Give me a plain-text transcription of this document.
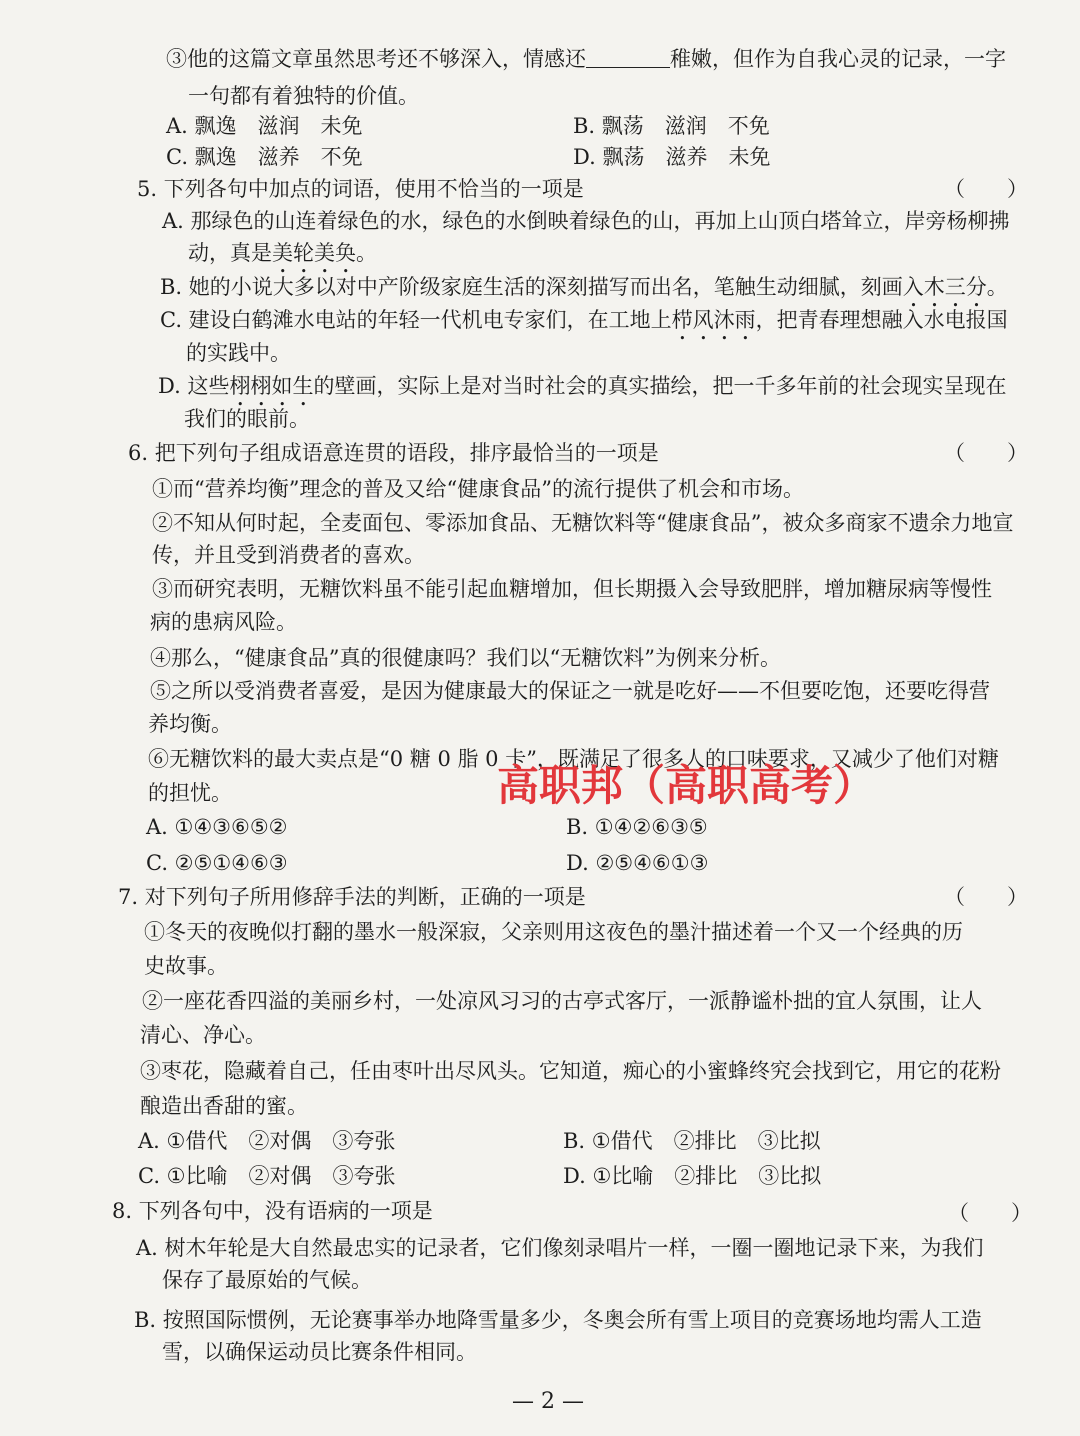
③他的这篇文章虽然思考还不够深入，情感还	稚嫩，但作为自我心灵的记录，一字
一句都有着独特的价值。
A. 飘逸　滋润　未免	B. 飘荡　滋润　不免
C. 飘逸　滋养　不免	D. 飘荡　滋养　未免
5. 下列各句中加点的词语，使用不恰当的一项是	（　　）
A. 那绿色的山连着绿色的水，绿色的水倒映着绿色的山，再加上山顶白塔耸立，岸旁杨柳拂
动，真是美轮美奂。
B. 她的小说大多以对中产阶级家庭生活的深刻描写而出名，笔触生动细腻，刻画入木三分。
C. 建设白鹤滩水电站的年轻一代机电专家们，在工地上栉风沐雨，把青春理想融入水电报国
的实践中。
D. 这些栩栩如生的壁画，实际上是对当时社会的真实描绘，把一千多年前的社会现实呈现在
我们的眼前。
6. 把下列句子组成语意连贯的语段，排序最恰当的一项是	（　　）
①而“营养均衡”理念的普及又给“健康食品”的流行提供了机会和市场。
②不知从何时起，全麦面包、零添加食品、无糖饮料等“健康食品”，被众多商家不遗余力地宣
传，并且受到消费者的喜欢。
③而研究表明，无糖饮料虽不能引起血糖增加，但长期摄入会导致肥胖，增加糖尿病等慢性
病的患病风险。
④那么，“健康食品”真的很健康吗？我们以“无糖饮料”为例来分析。
⑤之所以受消费者喜爱，是因为健康最大的保证之一就是吃好——不但要吃饱，还要吃得营
养均衡。
⑥无糖饮料的最大卖点是“0 糖 0 脂 0 卡”，既满足了很多人的口味要求，又减少了他们对糖
的担忧。
A. ①④③⑥⑤②	B. ①④②⑥③⑤
C. ②⑤①④⑥③	D. ②⑤④⑥①③
高职邦（高职高考）
7. 对下列句子所用修辞手法的判断，正确的一项是	（　　）
①冬天的夜晚似打翻的墨水一般深寂，父亲则用这夜色的墨汁描述着一个又一个经典的历
史故事。
②一座花香四溢的美丽乡村，一处凉风习习的古亭式客厅，一派静谧朴拙的宜人氛围，让人
清心、净心。
③枣花，隐藏着自己，任由枣叶出尽风头。它知道，痴心的小蜜蜂终究会找到它，用它的花粉
酿造出香甜的蜜。
A. ①借代　②对偶　③夸张	B. ①借代　②排比　③比拟
C. ①比喻　②对偶　③夸张	D. ①比喻　②排比　③比拟
8. 下列各句中，没有语病的一项是	（　　）
A. 树木年轮是大自然最忠实的记录者，它们像刻录唱片一样，一圈一圈地记录下来，为我们
保存了最原始的气候。
B. 按照国际惯例，无论赛事举办地降雪量多少，冬奥会所有雪上项目的竞赛场地均需人工造
雪，以确保运动员比赛条件相同。
— 2 —
